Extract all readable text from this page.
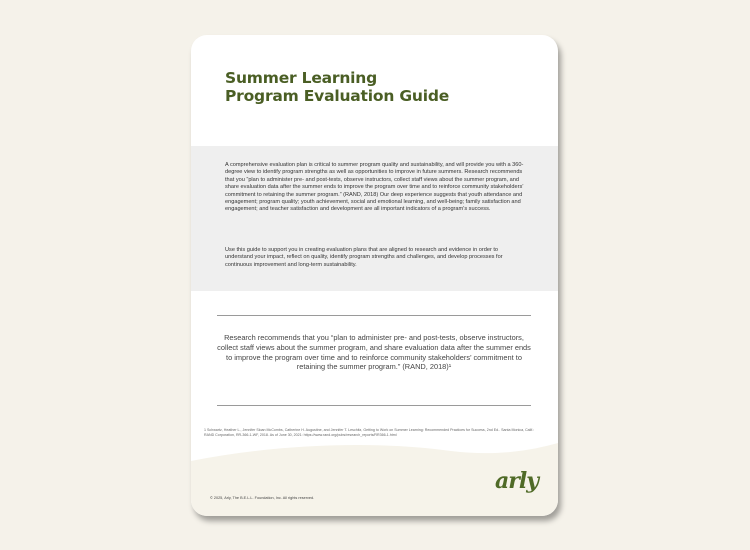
Summer Learning
Program Evaluation Guide

A comprehensive evaluation plan is critical to summer program quality and sustainability, and will provide you with a 360-degree view to identify program strengths as well as opportunities to improve in future summers. Research recommends that you “plan to administer pre- and post-tests, observe instructors, collect staff views about the summer program, and share evaluation data after the summer ends to improve the program over time and to reinforce community stakeholders’ commitment to retaining the summer program.” (RAND, 2018) Our deep experience suggests that youth attendance and engagement; program quality; youth achievement, social and emotional learning, and well-being; family satisfaction and engagement; and teacher satisfaction and development are all important indicators of a program’s success.

Use this guide to support you in creating evaluation plans that are aligned to research and evidence in order to understand your impact, reflect on quality, identify program strengths and challenges, and develop processes for continuous improvement and long-term sustainability.

Research recommends that you “plan to administer pre- and post-tests, observe instructors, collect staff views about the summer program, and share evaluation data after the summer ends to improve the program over time and to reinforce community stakeholders’ commitment to retaining the summer program.” (RAND, 2018)¹

1 Schwartz, Heather L., Jennifer Sloan McCombs, Catherine H. Augustine, and Jennifer T. Leschitz, Getting to Work on Summer Learning: Recommended Practices for Success, 2nd Ed.. Santa Monica, Calif.: RAND Corporation, RR-366-1-WF, 2018. As of June 30, 2021: https://www.rand.org/pubs/research_reports/RR366-1.html

© 2025, Arly, The B.E.L.L. Foundation, Inc. All rights reserved.

arly
